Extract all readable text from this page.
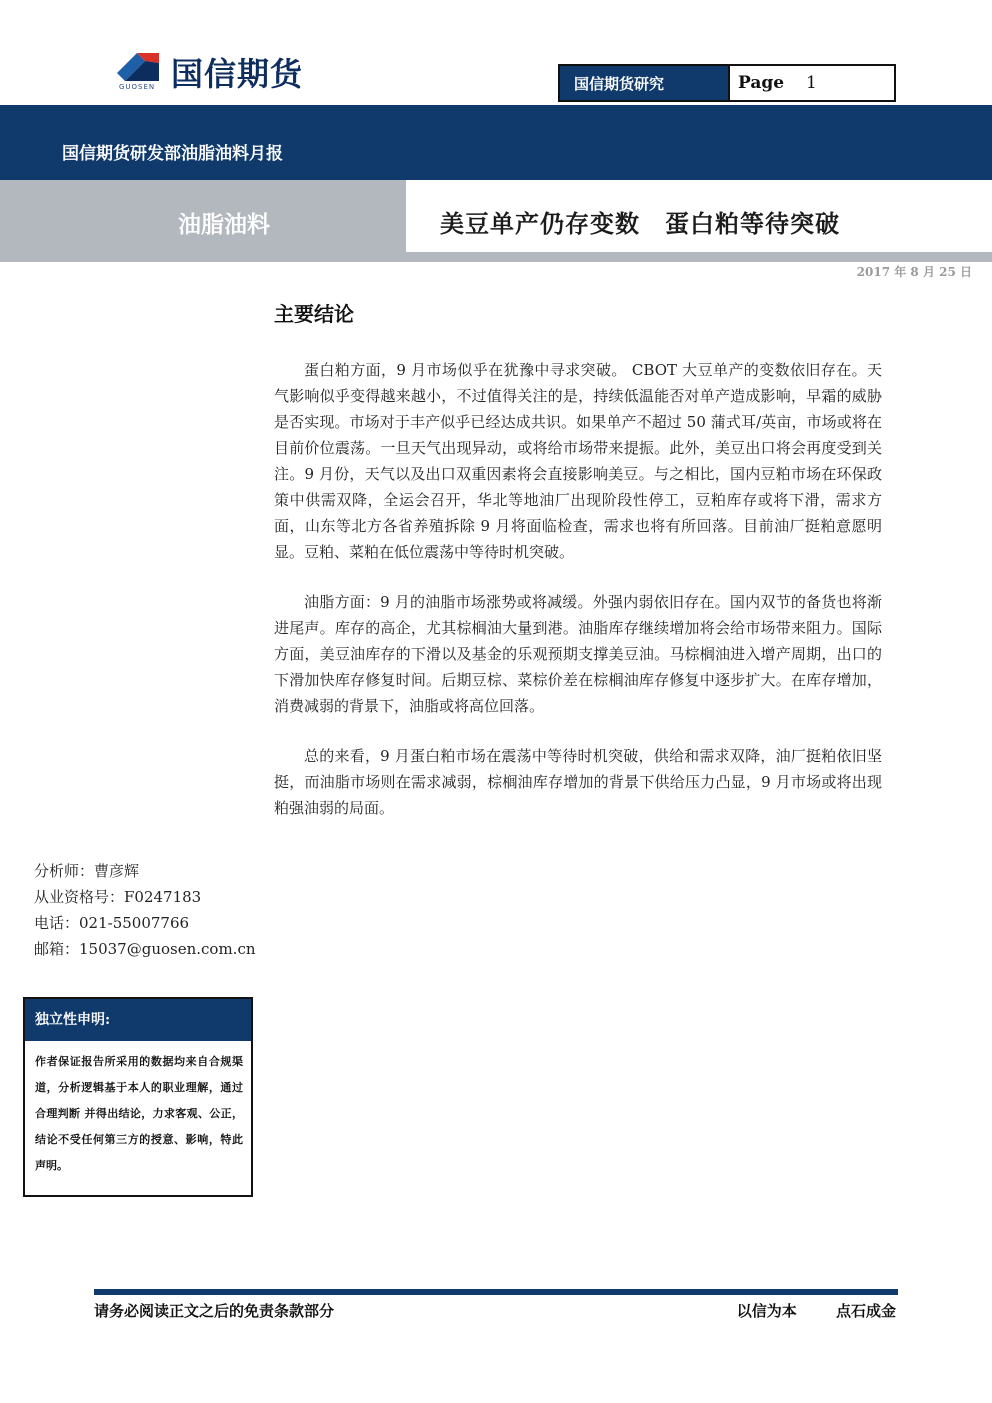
国信期货
GUOSEN	国信期货研究	Page 1
国信期货研发部油脂油料月报
油脂油料	美豆单产仍存变数　蛋白粕等待突破
2017 年 8 月 25 日
主要结论

蛋白粕方面，9 月市场似乎在犹豫中寻求突破。 CBOT 大豆单产的变数依旧存在。天气影响似乎变得越来越小，不过值得关注的是，持续低温能否对单产造成影响，早霜的威胁是否实现。市场对于丰产似乎已经达成共识。如果单产不超过 50 蒲式耳/英亩，市场或将在目前价位震荡。一旦天气出现异动，或将给市场带来提振。此外，美豆出口将会再度受到关注。9 月份，天气以及出口双重因素将会直接影响美豆。与之相比，国内豆粕市场在环保政策中供需双降，全运会召开，华北等地油厂出现阶段性停工，豆粕库存或将下滑，需求方面，山东等北方各省养殖拆除 9 月将面临检查，需求也将有所回落。目前油厂挺粕意愿明显。豆粕、菜粕在低位震荡中等待时机突破。

油脂方面：9 月的油脂市场涨势或将减缓。外强内弱依旧存在。国内双节的备货也将渐进尾声。库存的高企，尤其棕榈油大量到港。油脂库存继续增加将会给市场带来阻力。国际方面，美豆油库存的下滑以及基金的乐观预期支撑美豆油。马棕榈油进入增产周期，出口的下滑加快库存修复时间。后期豆棕、菜棕价差在棕榈油库存修复中逐步扩大。在库存增加，消费减弱的背景下，油脂或将高位回落。

总的来看，9 月蛋白粕市场在震荡中等待时机突破，供给和需求双降，油厂挺粕依旧坚挺，而油脂市场则在需求减弱，棕榈油库存增加的背景下供给压力凸显，9 月市场或将出现粕强油弱的局面。

分析师：曹彦辉
从业资格号：F0247183
电话：021-55007766
邮箱：15037@guosen.com.cn
独立性申明:
作者保证报告所采用的数据均来自合规渠道，分析逻辑基于本人的职业理解，通过合理判断 并得出结论，力求客观、公正，结论不受任何第三方的授意、影响，特此声明。
请务必阅读正文之后的免责条款部分	以信为本	点石成金
